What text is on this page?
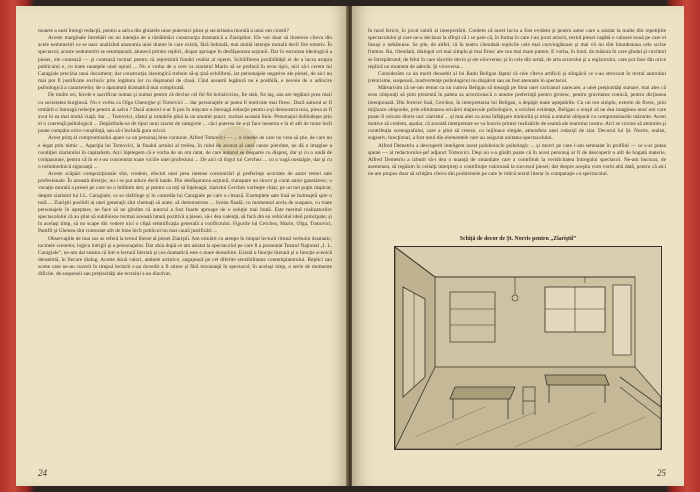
moarte a unei întregi redacţii, pentru a salva din ghiarele unor puternici pitea şi securitatea morală a unui om cinstit?

Aceste marginale întrebări nu au intenţia de a răstălmăci construcţia dramatică a Ziariştilor. Ele vor doar să ilustreze cîteva din acele nedumeriri ce se nasc analizînd anatomia unei drame în care există, fără îndoială, mai multă intenţie morală decît fior emotiv. În spectacol, aceste nedumeriri se estompează, alunecă printre replici, dispar aproape în desfăşurarea acţiunii. Dar în ostruirea ideologică a piesei, ele contează — şi contează tocmai pentru că reprezintă fondul realist al operei. Schilifierea posibilităţii ei de a lucra asupra publicului e, cu toate nuanţele unei opinii ... Nu e vorba de a cere ca ziaristul Marin să se prefacă în erou tipic, nici să-i cerem lui Caragiale precizia unui document; dar construcţia ideologică trebuie să-şi ţină echilibrul, iar personajele negative ale piesei, de aici nu mai pot fi justificate exclusiv prin legătura lor cu duşmanul de clasă. Cînd această legătură nu e posibilă, e nevoie de o adîncire psihologică a caracterelor, de o aparatură dramatică mai complicată.

De multe ori, bicele e sacrificat numai şi numai pentru că devine cel fel fie bolnăvicios, fie slab, fie laş, sau are legături prea mari cu societatea burgheză. Nu e vorba ca Olga Gheorghe şi Tomovici ... dar personajele ar putea fi motivate mai firesc. Dacă autorul ar fi urmărit o întreagă redacţie pentru ai salva ? Dacă autorul n-ar fi pus în mişcare o întreagă redacţie pentru a-şi demonstra teza, piesa ar fi avut în ea mai multă viaţă; dar ... Tomovici, sfatul şi urmările pînă la un anumit punct, tocmai această linie. Personajul dobîndeşte prin el o coerenţă psihologică ... Depărtîndu-se de tipul unui ziarist de categorie ... căci puterea de a-şi face meseria e la el atît de mare încît poate cumpăra orice conştiinţă, sau să-i închidă gura oricui.

Acest prinţ al compromisului apare ca un personaj bine conturat. Alfred Tomovici — ... o chestie de care nu vrea să ştie, de care nu e legat prin nimic ... Apariţia lui Tomovici, la finalul actului al treilea, în rolul de avocat al unei cauze pierdute, ne dă o imagine a condiţiei ziaristului în capitalism. Aici înţelegem că e vorba de un om ratat, de care autorul se desparte cu dispreţ, dar şi cu o undă de compasiune, pentru că în el s-au concentrat toate viciile unei profesiuni ... De aici că tîrgul lui Cerchez ... cu o vagă nostalgie, dar şi cu o neîndoielnică siguranţă ...

Aceste scăpări compoziţionale sînt, credem, efectul unei prea intense concentrări şi preferinţe acordate de autor temei sale profesionale. În această direcţie, nu i se pot aduce decît laude. Din desfăşurarea acţiunii, transpare un sincer şi curat amor gazetăresc; o vocaţie morală a presei pe care nu o întîlnim des; şi pentru ca toţi să înţeleagă, ziaristul Cerchez vorbeşte chiar, pe un ton puţin răspicat, despre ziaristul lui I.L. Caragiale, ce se răsfrînge şi în comedia lui Caragiale pe care o citează. Exemplele sale însă se îndreaptă spre o teză ... Ziariştii posibili ai unei generaţii sînt chemaţi să arate, să demonstreze ... Scena finală, cu momentul acela de suspans, cu toate personajele în aşteptare, ne face să ne gîndim că autorul a fost foarte aproape de o soluţie mai bună. Este meritul realizatorilor spectacolului că au ştiut să sublinieze tocmai această latură pozitivă a piesei, să-i dea valenţă, să facă din ea vehiculul ideii principale; şi în acelaşi timp, să nu scape din vedere nici o clipă semnificaţia generală a conflictului. Figurile lui Cerchez, Marin, Olga, Tomovici, Pamfil şi Ghenea sînt conturate atît de bine încît publicul nu mai caută justificări ...

Observaţiile de mai sus se referă la textul literar al piesei Ziariştii. Am urmărit cu atenţie în timpul lecturii ritmul verbului dramatic, tocmele scenelor, logica intrigii şi a personajelor. Dar abia după ce am asistat la spectacolul pe care îl a prezentat Teatrul Naţional „I. L. Caragiale”, ne-am dat seama că într-o lectură literară şi cea dramatică este o mare deosebire. Există o funcţie literară şi o funcţie scenică deosebită, în fiecare dialog. Aceste două valori, ambele artistice, angajează pe cel diferite sensibilitatea contemplatorului. Replici sau scene care ne-au cucerit în timpul lecturii s-au dovedit a fi stinse şi fără rezonanţă în spectacol; în acelaşi timp, o serie de momente dificile, de suspensii sau preţiozităţi ale textului s-au dizolvat,

24

în mod fericit, în jocul subtil al interpretării. Credem că acest lucru a fost evident şi pentru autor care a asistat la multe din repetiţiile spectacolului şi care ne-a declarat la sfîrşit că i se pare că, în forma în care l-au jucat actorii, textul piesei capătă o valoare nouă pe care el însuşi o nebănuise. Se ştie, de altfel, că în teatru cîteodată replicile cele mai convingătoare şi mai vii nu sînt întotdeauna cele scrise frumos. Ba, cîteodată, dialogul cel mai simplu şi mai firesc are cea mai mare putere. E vorba, în fond, de măsura în care gîndul şi cuvîntul se întrepătrund; de felul în care tăcerile devin şi ele elocvente; şi în cele din urmă, de arta actorului şi a regizorului, care pot face din orice replică un moment de adevăr. Şi viceversa...

Considerăm ca un merit deosebit al lui Radu Beligan faptul că cele cîteva artificii şi stîngăcii ce s-au strecurat în textul autorului (retorisme, suspensii, inadvertenţe psihologice) nu dispărut sau au fost atenuate în spectacol.

Mărturisim că ne-am temut ca nu cumva Beligan să meargă pe linia unei caricaturi oarecare, a unei preţiozităţi stanare, mai ales că erau obişnuiţi să ştim prezentă în paleta sa actoricească o anume preferinţă pentru grotesc, pentru gravitatea comică, pentru dicţiunea intenţionată. Din fericire însă, Cerchez, în interpretarea lui Beligan, a depăşit toate aşteptările. Cu un ton simplu, extrem de firesc, prin mijloace obişnuite, prin eliminarea oricărei majuscule psihologice, a oricărei evidenţe, Beligan a reuşit să ne dea imaginea unui om care poate fi oricare dintre noi: ziaristul ... şi mai ales cu acea înfăţişare mohorîtă şi tristă a omului obişnuit cu compromisurile mărunte. Avem motive să credem, aşadar, că această interpretare se va înscrie printre realizările de seamă ale teatrului nostru. Aici se cuvine să amintim şi contribuţia scenografului, care a ştiut să creeze, cu mijloace simple, atmosfera unei redacţii de ziar. Decorul lui Şt. Norris, realist, sugestiv, funcţional, a fost unul din elementele care au asigurat unitatea spectacolului.

Alfred Demetriu a descoperit inteligent acest polobolocle psihologic ... şi morcl pe care l-am semnalat în profilul — ce s-ar putea spune — al redactorului-şef adjunct Tomovici. Deşi nu s-a gîndit poate că în acest personaj ar fi de descoperit o atît de bogată materie, Alfred Demetriu a izbutit să-i dea o nuanţă de umanitate care a contribuit la veridicitatea întregului spectacol. Ne-am bucurat, de asemenea, să regăsim în ceilalţi interpreţi o contribuţie valoroasă la succesul piesei; dar despre aceştia vom vorbi altă dată, pentru că aici ne-am propus doar să schiţăm cîteva din problemele pe care le ridică textul literar în comparaţie cu spectacolul.

Schiţă de decor de Şt. Norris pentru „Ziariştii”
25
